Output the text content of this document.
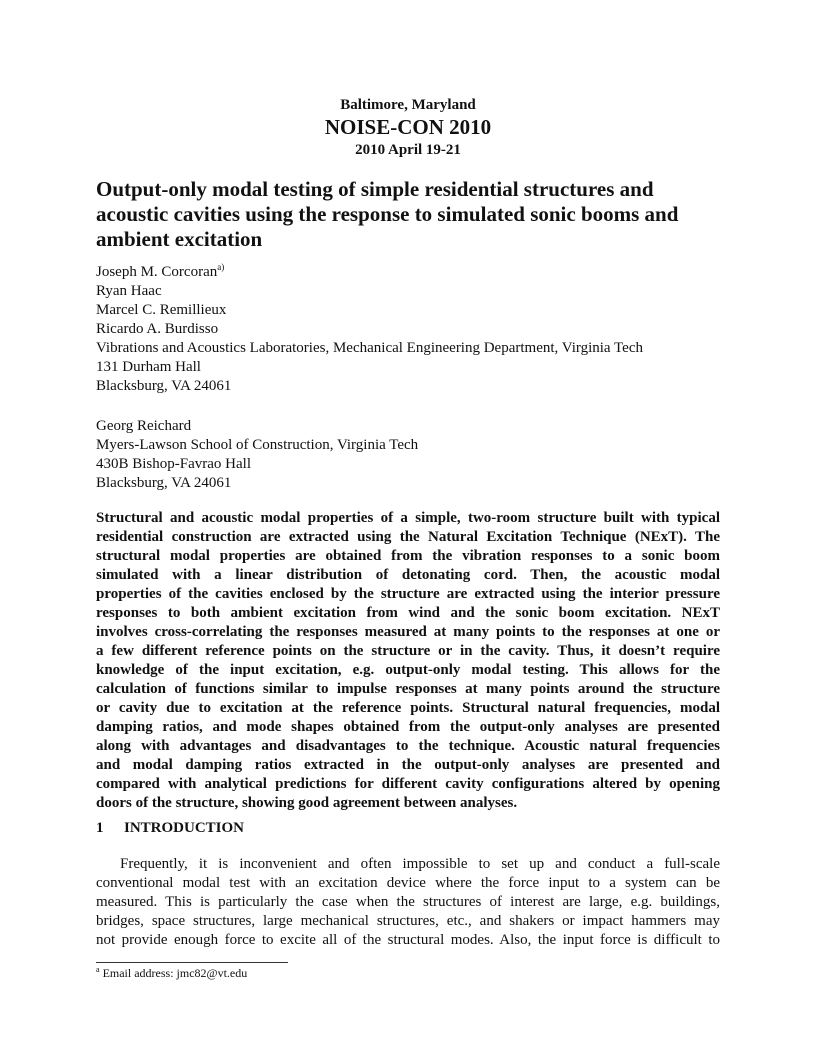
Baltimore, Maryland
NOISE-CON 2010
2010 April 19-21
Output-only modal testing of simple residential structures and
acoustic cavities using the response to simulated sonic booms and
ambient excitation
Joseph M. Corcoran$^{a)}$
Ryan Haac
Marcel C. Remillieux
Ricardo A. Burdisso
Vibrations and Acoustics Laboratories, Mechanical Engineering Department, Virginia Tech
131 Durham Hall
Blacksburg, VA 24061
Georg Reichard
Myers-Lawson School of Construction, Virginia Tech
430B Bishop-Favrao Hall
Blacksburg, VA 24061
Structural and acoustic modal properties of a simple, two-room structure built with typical
residential construction are extracted using the Natural Excitation Technique (NExT). The
structural modal properties are obtained from the vibration responses to a sonic boom
simulated with a linear distribution of detonating cord. Then, the acoustic modal
properties of the cavities enclosed by the structure are extracted using the interior pressure
responses to both ambient excitation from wind and the sonic boom excitation. NExT
involves cross-correlating the responses measured at many points to the responses at one or
a few different reference points on the structure or in the cavity. Thus, it doesn’t require
knowledge of the input excitation, e.g. output-only modal testing. This allows for the
calculation of functions similar to impulse responses at many points around the structure
or cavity due to excitation at the reference points. Structural natural frequencies, modal
damping ratios, and mode shapes obtained from the output-only analyses are presented
along with advantages and disadvantages to the technique. Acoustic natural frequencies
and modal damping ratios extracted in the output-only analyses are presented and
compared with analytical predictions for different cavity configurations altered by opening
doors of the structure, showing good agreement between analyses.
1 INTRODUCTION
Frequently, it is inconvenient and often impossible to set up and conduct a full-scale
conventional modal test with an excitation device where the force input to a system can be
measured. This is particularly the case when the structures of interest are large, e.g. buildings,
bridges, space structures, large mechanical structures, etc., and shakers or impact hammers may
not provide enough force to excite all of the structural modes. Also, the input force is difficult to
$^a$ Email address: jmc82@vt.edu
